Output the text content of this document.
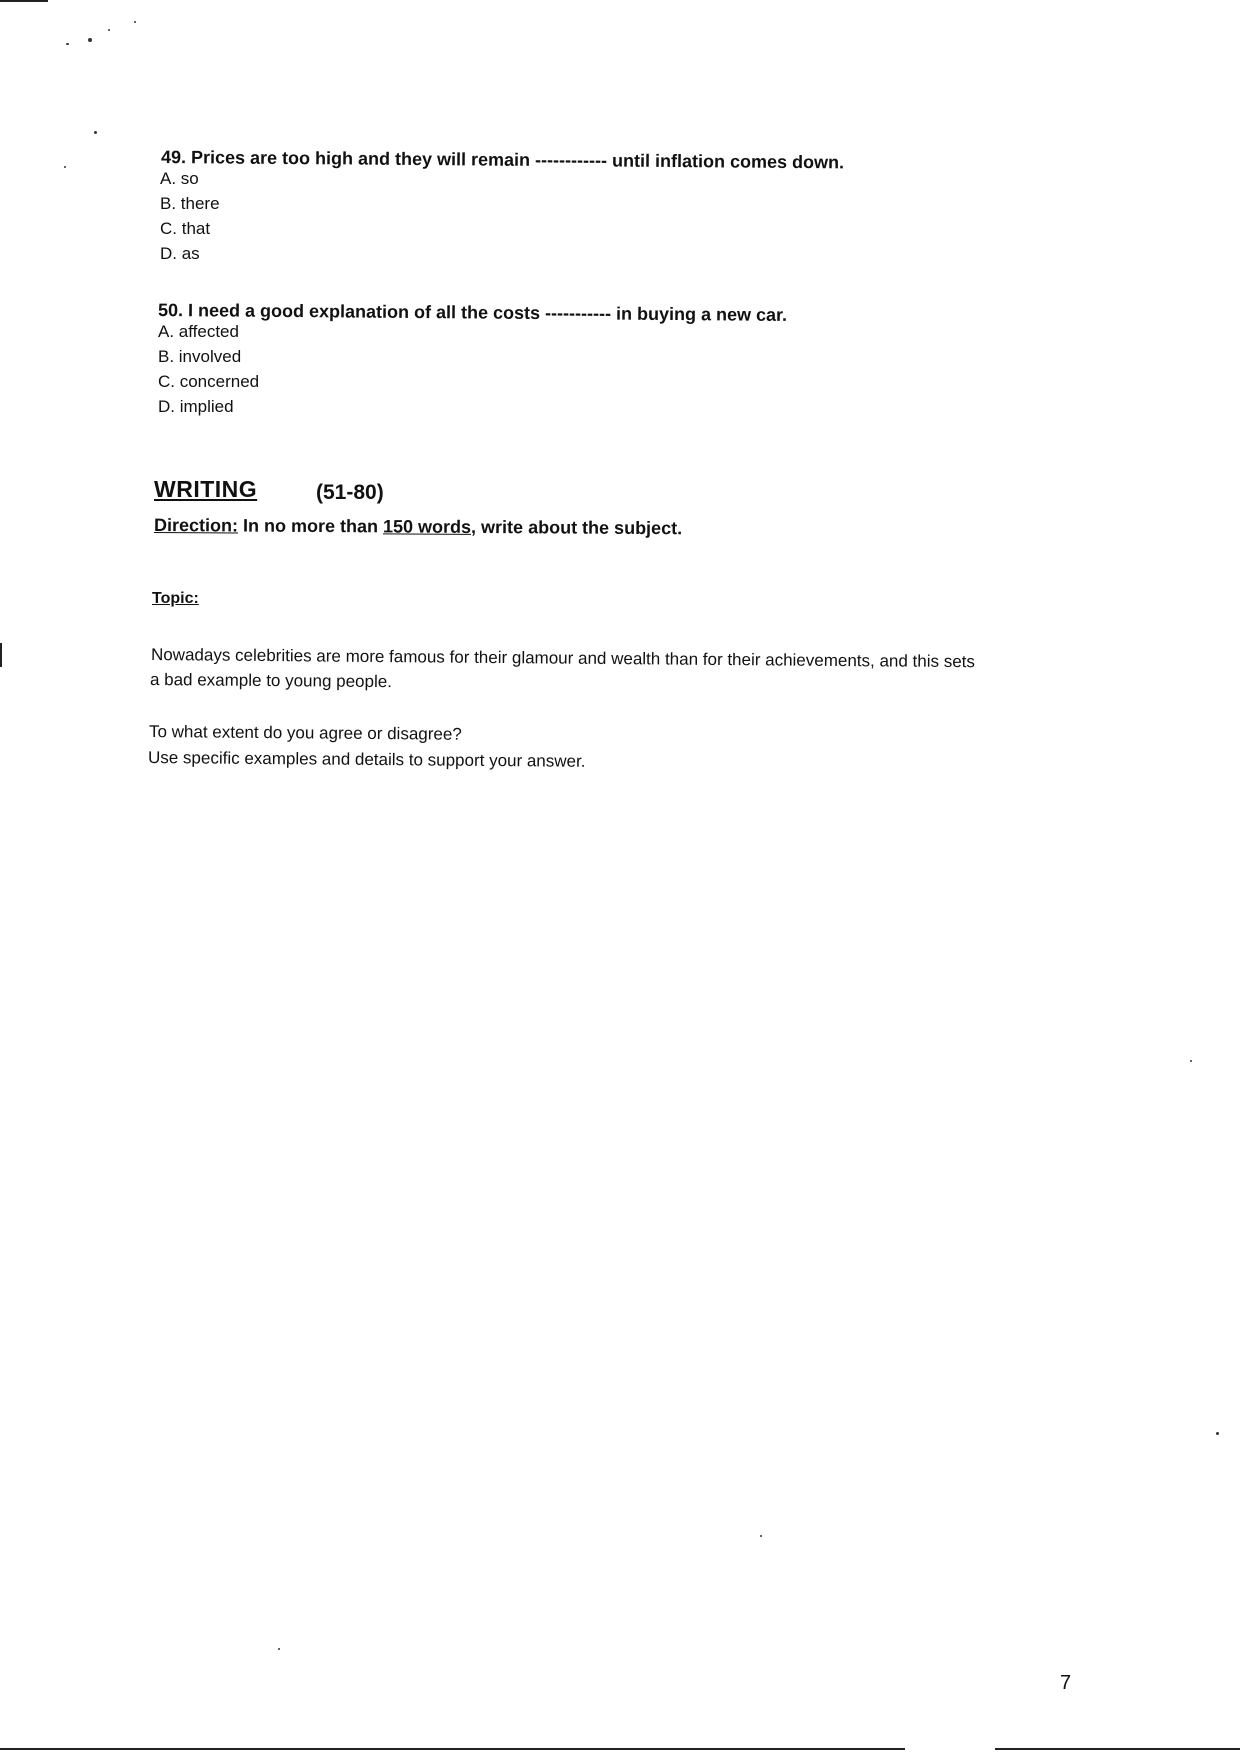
49. Prices are too high and they will remain ------------ until inflation comes down.
A. so
B. there
C. that
D. as
50. I need a good explanation of all the costs ----------- in buying a new car.
A. affected
B. involved
C. concerned
D. implied
WRITING	(51-80)
Direction: In no more than 150 words, write about the subject.
Topic:
Nowadays celebrities are more famous for their glamour and wealth than for their achievements, and this sets
a bad example to young people.
To what extent do you agree or disagree?
Use specific examples and details to support your answer.
7
